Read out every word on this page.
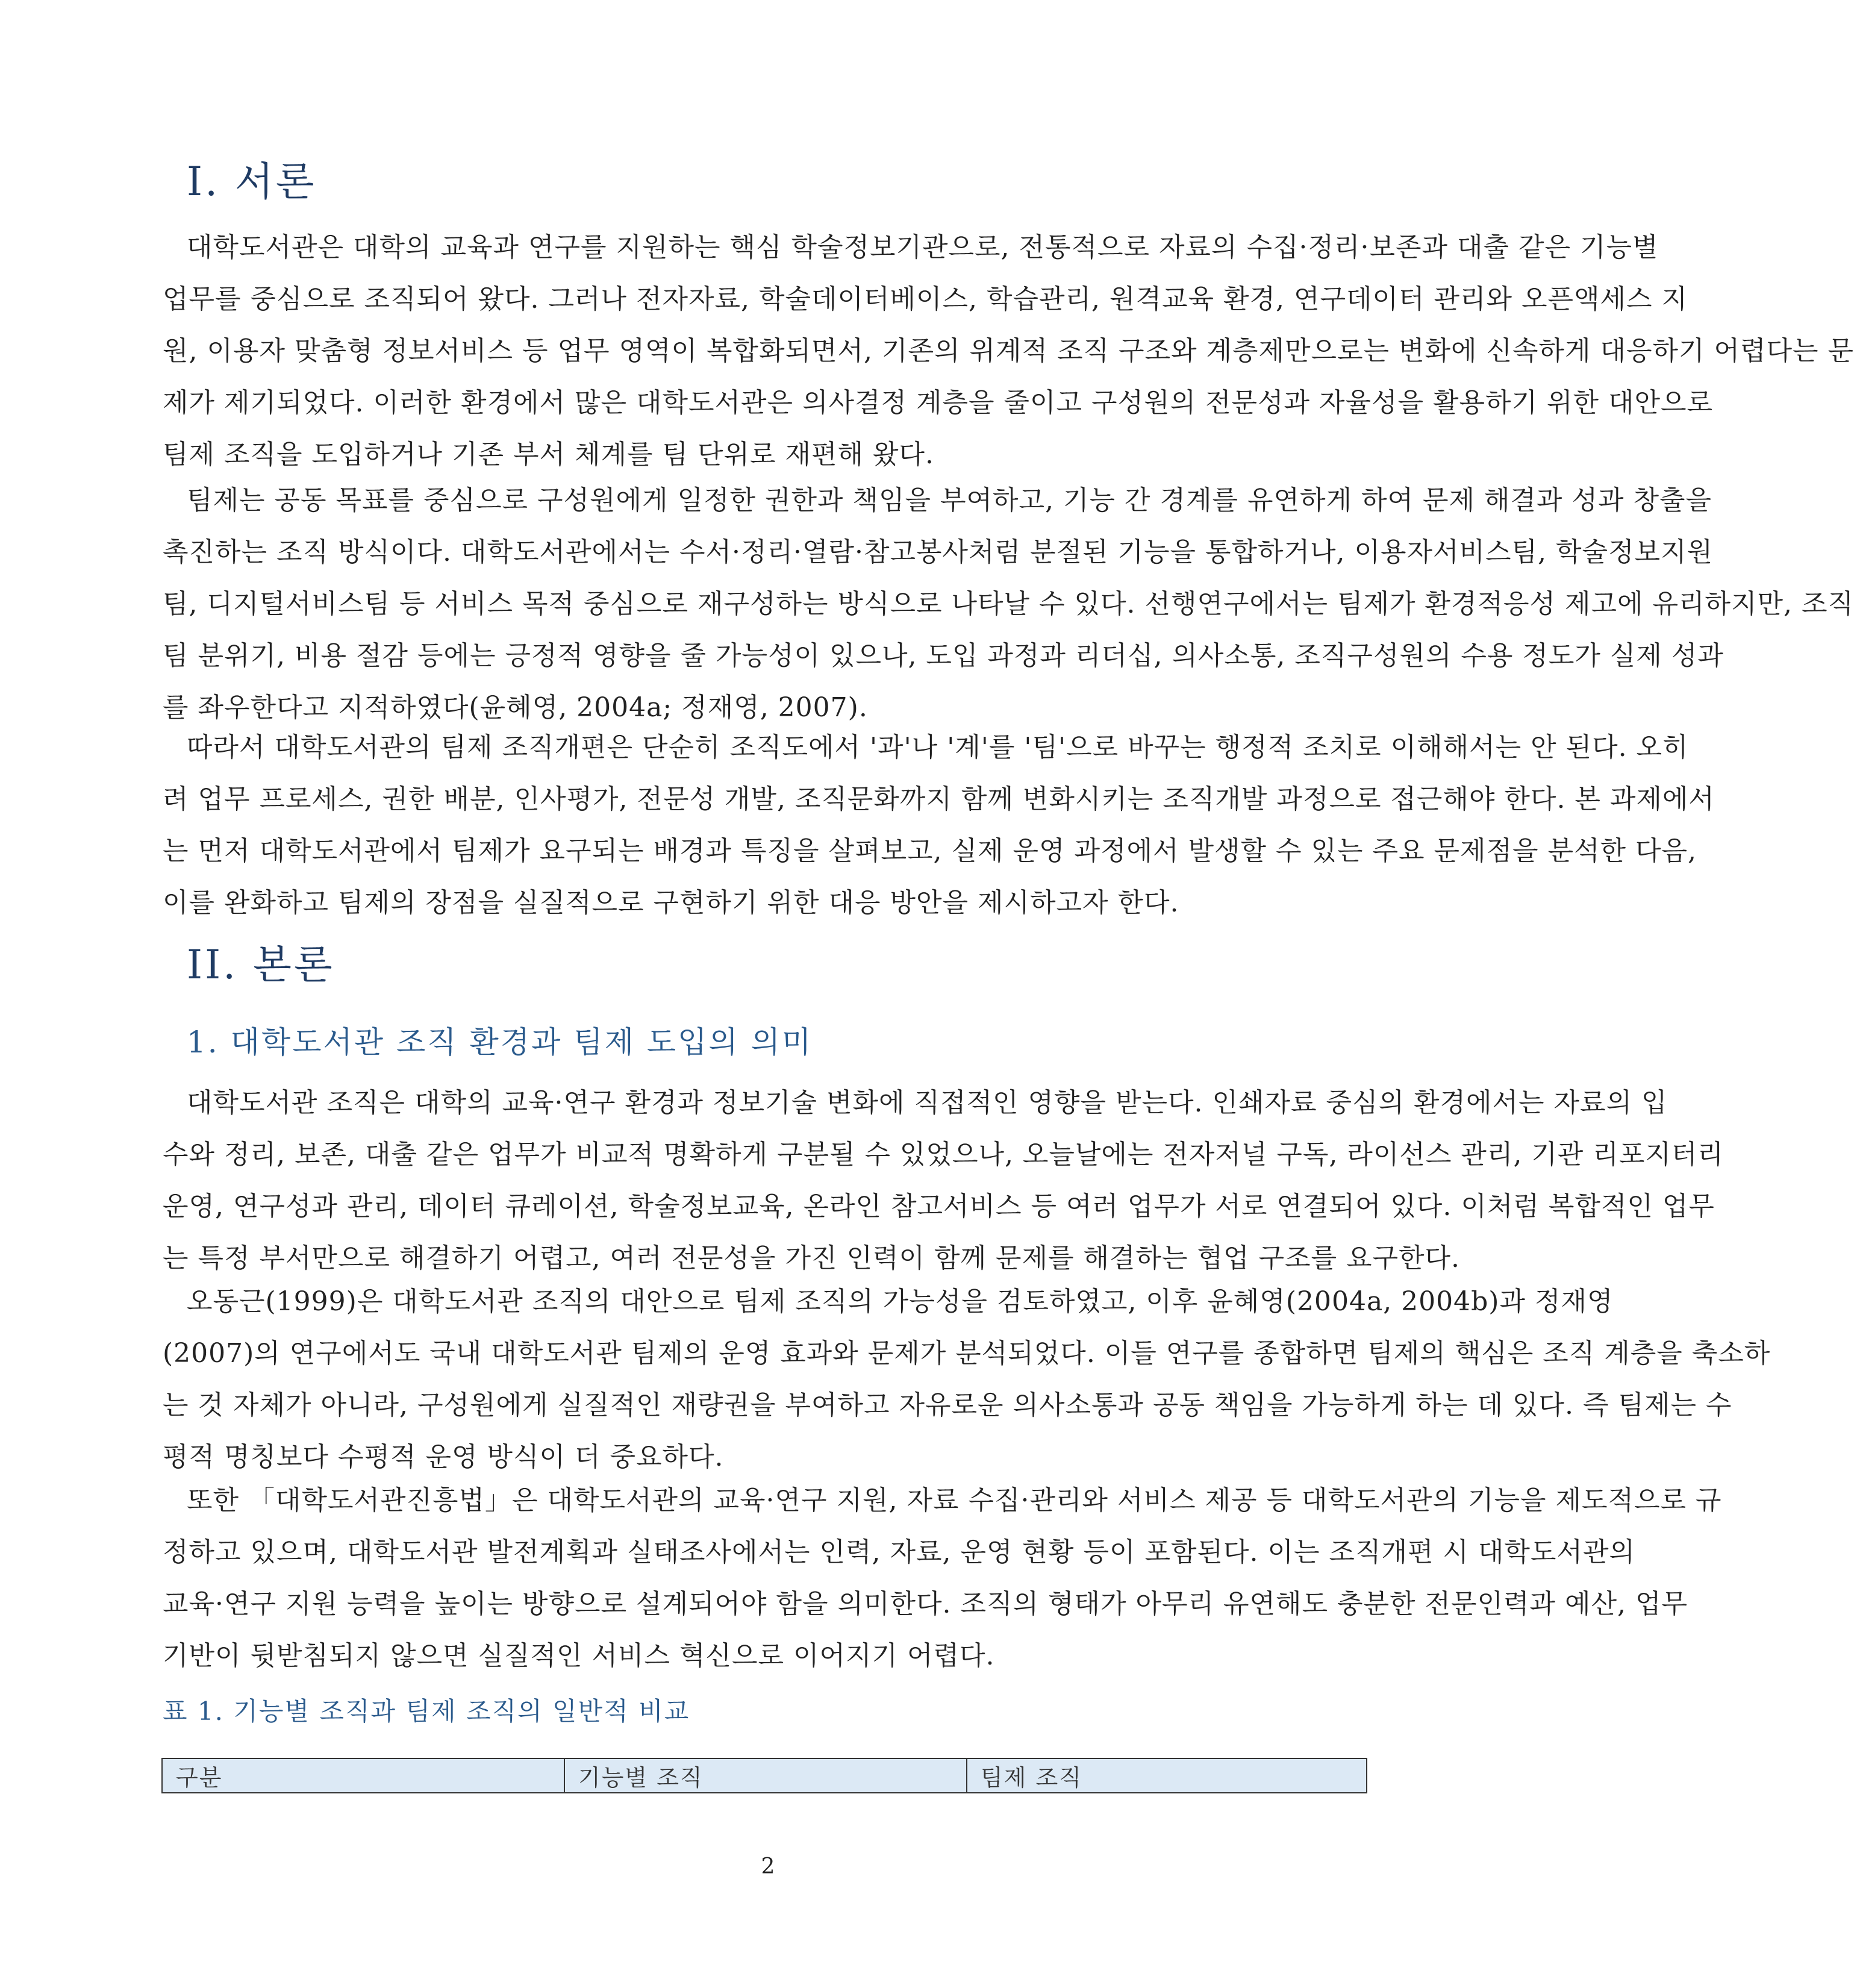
I. 서론
대학도서관은 대학의 교육과 연구를 지원하는 핵심 학술정보기관으로, 전통적으로 자료의 수집·정리·보존과 대출 같은 기능별
업무를 중심으로 조직되어 왔다. 그러나 전자자료, 학술데이터베이스, 학습관리, 원격교육 환경, 연구데이터 관리와 오픈액세스 지
원, 이용자 맞춤형 정보서비스 등 업무 영역이 복합화되면서, 기존의 위계적 조직 구조와 계층제만으로는 변화에 신속하게 대응하기 어렵다는 문
제가 제기되었다. 이러한 환경에서 많은 대학도서관은 의사결정 계층을 줄이고 구성원의 전문성과 자율성을 활용하기 위한 대안으로
팀제 조직을 도입하거나 기존 부서 체계를 팀 단위로 재편해 왔다.
팀제는 공동 목표를 중심으로 구성원에게 일정한 권한과 책임을 부여하고, 기능 간 경계를 유연하게 하여 문제 해결과 성과 창출을
촉진하는 조직 방식이다. 대학도서관에서는 수서·정리·열람·참고봉사처럼 분절된 기능을 통합하거나, 이용자서비스팀, 학술정보지원
팀, 디지털서비스팀 등 서비스 목적 중심으로 재구성하는 방식으로 나타날 수 있다. 선행연구에서는 팀제가 환경적응성 제고에 유리하지만, 조직
팀 분위기, 비용 절감 등에는 긍정적 영향을 줄 가능성이 있으나, 도입 과정과 리더십, 의사소통, 조직구성원의 수용 정도가 실제 성과
를 좌우한다고 지적하였다(윤혜영, 2004a; 정재영, 2007).
따라서 대학도서관의 팀제 조직개편은 단순히 조직도에서 '과'나 '계'를 '팀'으로 바꾸는 행정적 조치로 이해해서는 안 된다. 오히
려 업무 프로세스, 권한 배분, 인사평가, 전문성 개발, 조직문화까지 함께 변화시키는 조직개발 과정으로 접근해야 한다. 본 과제에서
는 먼저 대학도서관에서 팀제가 요구되는 배경과 특징을 살펴보고, 실제 운영 과정에서 발생할 수 있는 주요 문제점을 분석한 다음,
이를 완화하고 팀제의 장점을 실질적으로 구현하기 위한 대응 방안을 제시하고자 한다.
II. 본론
1. 대학도서관 조직 환경과 팀제 도입의 의미
대학도서관 조직은 대학의 교육·연구 환경과 정보기술 변화에 직접적인 영향을 받는다. 인쇄자료 중심의 환경에서는 자료의 입
수와 정리, 보존, 대출 같은 업무가 비교적 명확하게 구분될 수 있었으나, 오늘날에는 전자저널 구독, 라이선스 관리, 기관 리포지터리
운영, 연구성과 관리, 데이터 큐레이션, 학술정보교육, 온라인 참고서비스 등 여러 업무가 서로 연결되어 있다. 이처럼 복합적인 업무
는 특정 부서만으로 해결하기 어렵고, 여러 전문성을 가진 인력이 함께 문제를 해결하는 협업 구조를 요구한다.
오동근(1999)은 대학도서관 조직의 대안으로 팀제 조직의 가능성을 검토하였고, 이후 윤혜영(2004a, 2004b)과 정재영
(2007)의 연구에서도 국내 대학도서관 팀제의 운영 효과와 문제가 분석되었다. 이들 연구를 종합하면 팀제의 핵심은 조직 계층을 축소하
는 것 자체가 아니라, 구성원에게 실질적인 재량권을 부여하고 자유로운 의사소통과 공동 책임을 가능하게 하는 데 있다. 즉 팀제는 수
평적 명칭보다 수평적 운영 방식이 더 중요하다.
또한 「대학도서관진흥법」은 대학도서관의 교육·연구 지원, 자료 수집·관리와 서비스 제공 등 대학도서관의 기능을 제도적으로 규
정하고 있으며, 대학도서관 발전계획과 실태조사에서는 인력, 자료, 운영 현황 등이 포함된다. 이는 조직개편 시 대학도서관의
교육·연구 지원 능력을 높이는 방향으로 설계되어야 함을 의미한다. 조직의 형태가 아무리 유연해도 충분한 전문인력과 예산, 업무
기반이 뒷받침되지 않으면 실질적인 서비스 혁신으로 이어지기 어렵다.

표 1. 기능별 조직과 팀제 조직의 일반적 비교

구분	기능별 조직	팀제 조직
2
